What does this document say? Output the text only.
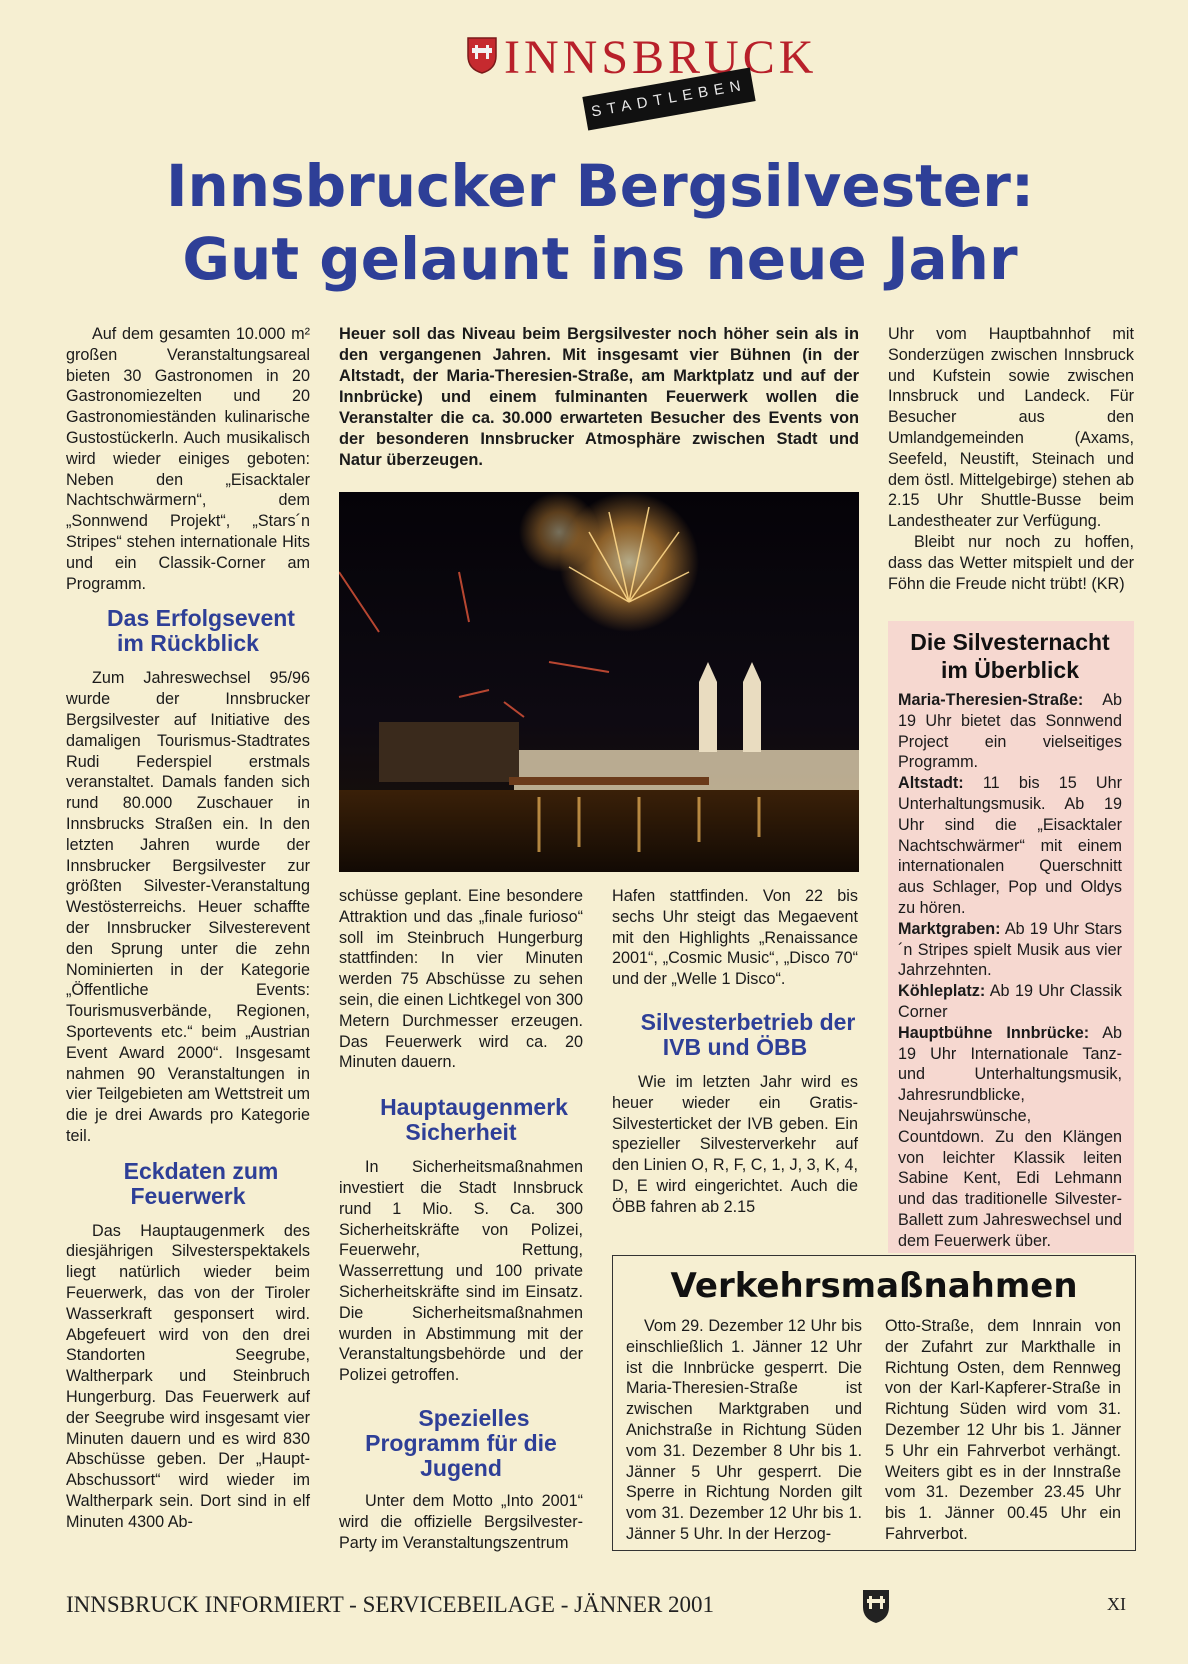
INNSBRUCK
STADTLEBEN
Innsbrucker Bergsilvester:
Gut gelaunt ins neue Jahr

Auf dem gesamten 10.000 m² großen Veranstaltungsareal bieten 30 Gastronomen in 20 Gastronomiezelten und 20 Gastronomieständen kulinarische Gustostückerln. Auch musikalisch wird wieder einiges geboten: Neben den „Eisacktaler Nachtschwärmern“, dem „Sonnwend Projekt“, „Stars´n Stripes“ stehen internationale Hits und ein Classik-Corner am Programm.

Das Erfolgsevent im Rückblick

Zum Jahreswechsel 95/96 wurde der Innsbrucker Bergsilvester auf Initiative des damaligen Tourismus-Stadtrates Rudi Federspiel erstmals veranstaltet. Damals fanden sich rund 80.000 Zuschauer in Innsbrucks Straßen ein. In den letzten Jahren wurde der Innsbrucker Bergsilvester zur größten Silvester-Veranstaltung Westösterreichs. Heuer schaffte der Innsbrucker Silvesterevent den Sprung unter die zehn Nominierten in der Kategorie „Öffentliche Events: Tourismusverbände, Regionen, Sportevents etc.“ beim „Austrian Event Award 2000“. Insgesamt nahmen 90 Veranstaltungen in vier Teilgebieten am Wettstreit um die je drei Awards pro Kategorie teil.

Eckdaten zum Feuerwerk

Das Hauptaugenmerk des diesjährigen Silvesterspektakels liegt natürlich wieder beim Feuerwerk, das von der Tiroler Wasserkraft gesponsert wird. Abgefeuert wird von den drei Standorten Seegrube, Waltherpark und Steinbruch Hungerburg. Das Feuerwerk auf der Seegrube wird insgesamt vier Minuten dauern und es wird 830 Abschüsse geben. Der „Haupt-Abschussort“ wird wieder im Waltherpark sein. Dort sind in elf Minuten 4300 Ab-

Heuer soll das Niveau beim Bergsilvester noch höher sein als in den vergangenen Jahren. Mit insgesamt vier Bühnen (in der Altstadt, der Maria-Theresien-Straße, am Marktplatz und auf der Innbrücke) und einem fulminanten Feuerwerk wollen die Veranstalter die ca. 30.000 erwarteten Besucher des Events von der besonderen Innsbrucker Atmosphäre zwischen Stadt und Natur überzeugen.

schüsse geplant. Eine besondere Attraktion und das „finale furioso“ soll im Steinbruch Hungerburg stattfinden: In vier Minuten werden 75 Abschüsse zu sehen sein, die einen Lichtkegel von 300 Metern Durchmesser erzeugen. Das Feuerwerk wird ca. 20 Minuten dauern.

Hauptaugenmerk Sicherheit

In Sicherheitsmaßnahmen investiert die Stadt Innsbruck rund 1 Mio. S. Ca. 300 Sicherheitskräfte von Polizei, Feuerwehr, Rettung, Wasserrettung und 100 private Sicherheitskräfte sind im Einsatz. Die Sicherheitsmaßnahmen wurden in Abstimmung mit der Veranstaltungsbehörde und der Polizei getroffen.

Spezielles Programm für die Jugend

Unter dem Motto „Into 2001“ wird die offizielle Bergsilvester-Party im Veranstaltungszentrum

Hafen stattfinden. Von 22 bis sechs Uhr steigt das Megaevent mit den Highlights „Renaissance 2001“, „Cosmic Music“, „Disco 70“ und der „Welle 1 Disco“.

Silvesterbetrieb der IVB und ÖBB

Wie im letzten Jahr wird es heuer wieder ein Gratis-Silvesterticket der IVB geben. Ein spezieller Silvesterverkehr auf den Linien O, R, F, C, 1, J, 3, K, 4, D, E wird eingerichtet. Auch die ÖBB fahren ab 2.15

Uhr vom Hauptbahnhof mit Sonderzügen zwischen Innsbruck und Kufstein sowie zwischen Innsbruck und Landeck. Für Besucher aus den Umlandgemeinden (Axams, Seefeld, Neustift, Steinach und dem östl. Mittelgebirge) stehen ab 2.15 Uhr Shuttle-Busse beim Landestheater zur Verfügung.

Bleibt nur noch zu hoffen, dass das Wetter mitspielt und der Föhn die Freude nicht trübt! (KR)

Die Silvesternacht im Überblick

Maria-Theresien-Straße: Ab 19 Uhr bietet das Sonnwend Project ein vielseitiges Programm.

Altstadt: 11 bis 15 Uhr Unterhaltungsmusik. Ab 19 Uhr sind die „Eisacktaler Nachtschwärmer“ mit einem internationalen Querschnitt aus Schlager, Pop und Oldys zu hören.

Marktgraben: Ab 19 Uhr Stars´n Stripes spielt Musik aus vier Jahrzehnten.

Köhleplatz: Ab 19 Uhr Classik Corner

Hauptbühne Innbrücke: Ab 19 Uhr Internationale Tanz- und Unterhaltungsmusik, Jahresrundblicke, Neujahrswünsche, Countdown. Zu den Klängen von leichter Klassik leiten Sabine Kent, Edi Lehmann und das traditionelle Silvester-Ballett zum Jahreswechsel und dem Feuerwerk über.

Verkehrsmaßnahmen

Vom 29. Dezember 12 Uhr bis einschließlich 1. Jänner 12 Uhr ist die Innbrücke gesperrt. Die Maria-Theresien-Straße ist zwischen Marktgraben und Anichstraße in Richtung Süden vom 31. Dezember 8 Uhr bis 1. Jänner 5 Uhr gesperrt. Die Sperre in Richtung Norden gilt vom 31. Dezember 12 Uhr bis 1. Jänner 5 Uhr. In der Herzog-

Otto-Straße, dem Innrain von der Zufahrt zur Markthalle in Richtung Osten, dem Rennweg von der Karl-Kapferer-Straße in Richtung Süden wird vom 31. Dezember 12 Uhr bis 1. Jänner 5 Uhr ein Fahrverbot verhängt. Weiters gibt es in der Innstraße vom 31. Dezember 23.45 Uhr bis 1. Jänner 00.45 Uhr ein Fahrverbot.

INNSBRUCK INFORMIERT - SERVICEBEILAGE - JÄNNER 2001	XI
